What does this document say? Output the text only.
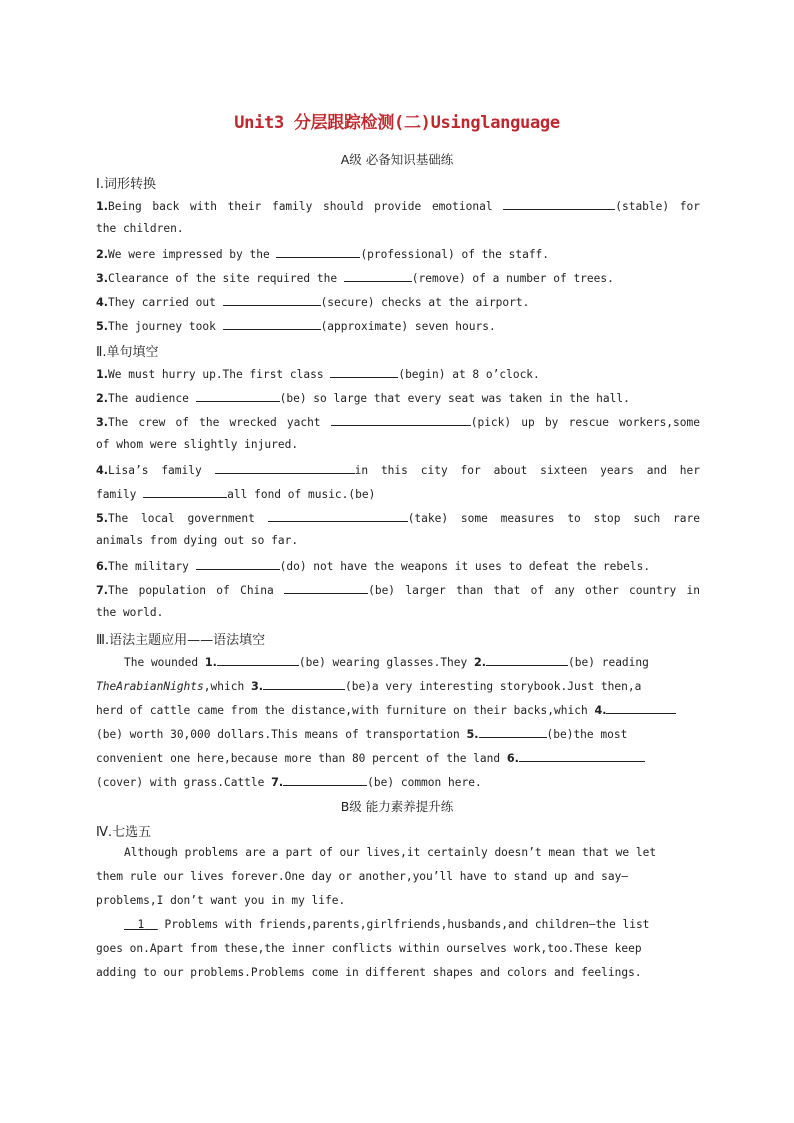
Unit3 分层跟踪检测(二)Usinglanguage
A级 必备知识基础练
Ⅰ.词形转换
1.Being back with their family should provide emotional	(stable) for
the children.
2.We were impressed by the	(professional) of the staff.
3.Clearance of the site required the	(remove) of a number of trees.
4.They carried out	(secure) checks at the airport.
5.The journey took	(approximate) seven hours.
Ⅱ.单句填空
1.We must hurry up.The first class	(begin) at 8 o’clock.
2.The audience	(be) so large that every seat was taken in the hall.
3.The crew of the wrecked yacht	(pick) up by rescue workers,some
of whom were slightly injured.
4.Lisa’s family	in this city for about sixteen years and her
family	all fond of music.(be)
5.The local government	(take) some measures to stop such rare
animals from dying out so far.
6.The military	(do) not have the weapons it uses to defeat the rebels.
7.The population of China	(be) larger than that of any other country in
the world.
Ⅲ.语法主题应用——语法填空
The wounded 1.	(be) wearing glasses.They 2.	(be) reading
TheArabianNights,which 3.	(be)a very interesting storybook.Just then,a
herd of cattle came from the distance,with furniture on their backs,which 4.
(be) worth 30,000 dollars.This means of transportation 5.	(be)the most
convenient one here,because more than 80 percent of the land 6.
(cover) with grass.Cattle 7.	(be) common here.
B级 能力素养提升练
Ⅳ.七选五
Although problems are a part of our lives,it certainly doesn’t mean that we let
them rule our lives forever.One day or another,you’ll have to stand up and say—
problems,I don’t want you in my life.
1 Problems with friends,parents,girlfriends,husbands,and children—the list
goes on.Apart from these,the inner conflicts within ourselves work,too.These keep
adding to our problems.Problems come in different shapes and colors and feelings.
